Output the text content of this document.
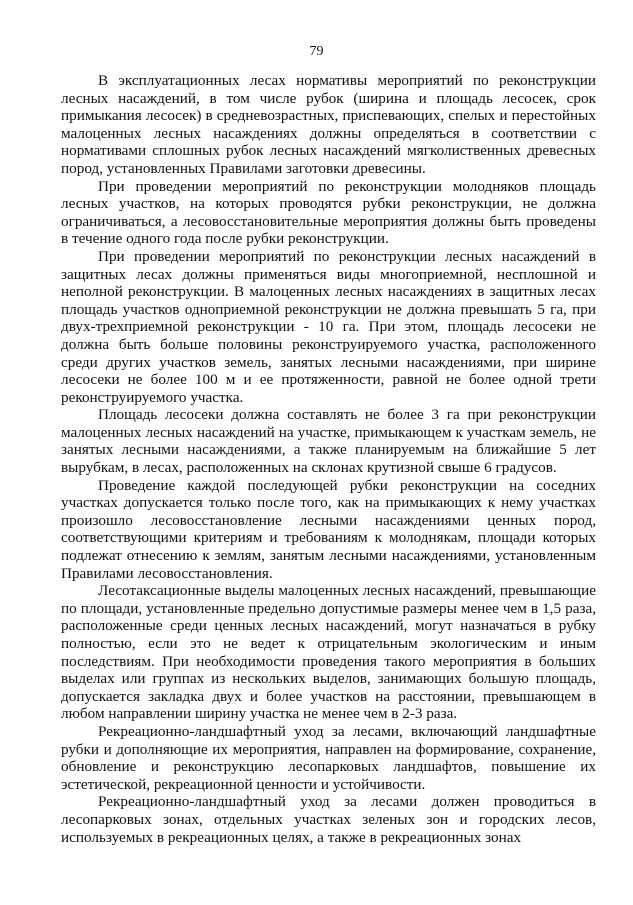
79

В эксплуатационных лесах нормативы мероприятий по реконструкции лесных насаждений, в том числе рубок (ширина и площадь лесосек, срок примыкания лесосек) в средневозрастных, приспевающих, спелых и перестойных малоценных лесных насаждениях должны определяться в соответствии с нормативами сплошных рубок лесных насаждений мягколиственных древесных пород, установленных Правилами заготовки древесины.

При проведении мероприятий по реконструкции молодняков площадь лесных участков, на которых проводятся рубки реконструкции, не должна ограничиваться, а лесовосстановительные мероприятия должны быть проведены в течение одного года после рубки реконструкции.

При проведении мероприятий по реконструкции лесных насаждений в защитных лесах должны применяться виды многоприемной, несплошной и неполной реконструкции. В малоценных лесных насаждениях в защитных лесах площадь участков одноприемной реконструкции не должна превышать 5 га, при двух-трехприемной реконструкции - 10 га. При этом, площадь лесосеки не должна быть больше половины реконструируемого участка, расположенного среди других участков земель, занятых лесными насаждениями, при ширине лесосеки не более 100 м и ее протяженности, равной не более одной трети реконструируемого участка.

Площадь лесосеки должна составлять не более 3 га при реконструкции малоценных лесных насаждений на участке, примыкающем к участкам земель, не занятых лесными насаждениями, а также планируемым на ближайшие 5 лет вырубкам, в лесах, расположенных на склонах крутизной свыше 6 градусов.

Проведение каждой последующей рубки реконструкции на соседних участках допускается только после того, как на примыкающих к нему участках произошло лесовосстановление лесными насаждениями ценных пород, соответствующими критериям и требованиям к молоднякам, площади которых подлежат отнесению к землям, занятым лесными насаждениями, установленным Правилами лесовосстановления.

Лесотаксационные выделы малоценных лесных насаждений, превышающие по площади, установленные предельно допустимые размеры менее чем в 1,5 раза, расположенные среди ценных лесных насаждений, могут назначаться в рубку полностью, если это не ведет к отрицательным экологическим и иным последствиям. При необходимости проведения такого мероприятия в больших выделах или группах из нескольких выделов, занимающих большую площадь, допускается закладка двух и более участков на расстоянии, превышающем в любом направлении ширину участка не менее чем в 2-3 раза.

Рекреационно-ландшафтный уход за лесами, включающий ландшафтные рубки и дополняющие их мероприятия, направлен на формирование, сохранение, обновление и реконструкцию лесопарковых ландшафтов, повышение их эстетической, рекреационной ценности и устойчивости.

Рекреационно-ландшафтный уход за лесами должен проводиться в лесопарковых зонах, отдельных участках зеленых зон и городских лесов, используемых в рекреационных целях, а также в рекреационных зонах
